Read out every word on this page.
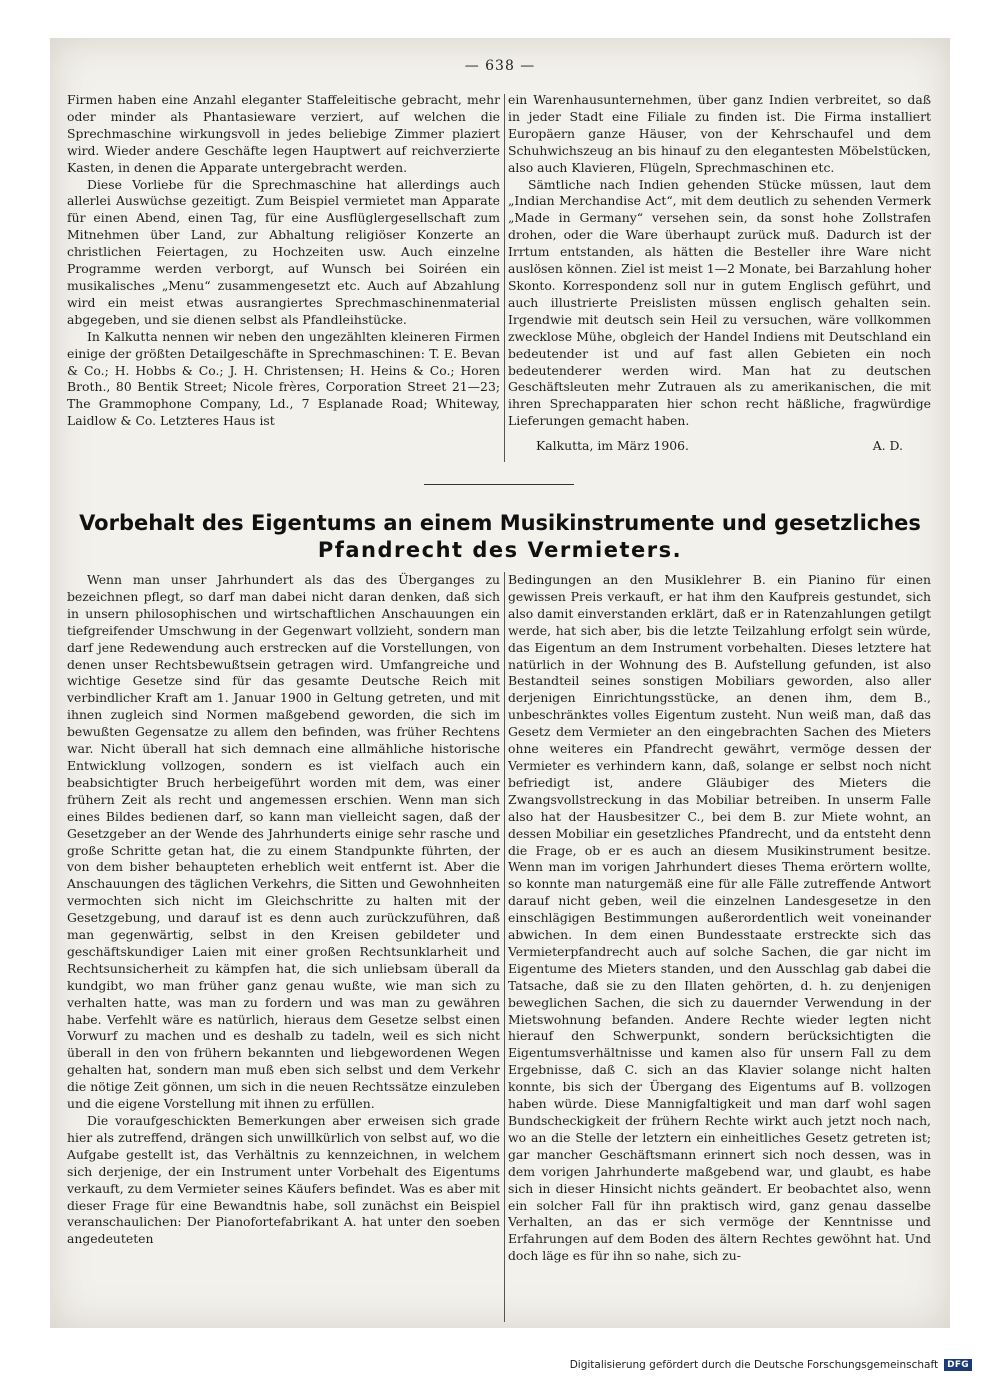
— 638 —

Firmen haben eine Anzahl eleganter Staffeleitische gebracht, mehr oder minder als Phantasieware verziert, auf welchen die Sprechmaschine wirkungsvoll in jedes beliebige Zimmer plaziert wird. Wieder andere Geschäfte legen Hauptwert auf reichverzierte Kasten, in denen die Apparate untergebracht werden.

Diese Vorliebe für die Sprechmaschine hat allerdings auch allerlei Auswüchse gezeitigt. Zum Beispiel vermietet man Apparate für einen Abend, einen Tag, für eine Ausflüglergesellschaft zum Mitnehmen über Land, zur Abhaltung religiöser Konzerte an christlichen Feiertagen, zu Hochzeiten usw. Auch einzelne Programme werden verborgt, auf Wunsch bei Soiréen ein musikalisches „Menu“ zusammengesetzt etc. Auch auf Abzahlung wird ein meist etwas ausrangiertes Sprechmaschinenmaterial abgegeben, und sie dienen selbst als Pfandleihstücke.

In Kalkutta nennen wir neben den ungezählten kleineren Firmen einige der größten Detailgeschäfte in Sprechmaschinen: T. E. Bevan & Co.; H. Hobbs & Co.; J. H. Christensen; H. Heins & Co.; Horen Broth., 80 Bentik Street; Nicole frères, Corporation Street 21—23; The Grammophone Company, Ld., 7 Esplanade Road; Whiteway, Laidlow & Co. Letzteres Haus ist

ein Warenhausunternehmen, über ganz Indien verbreitet, so daß in jeder Stadt eine Filiale zu finden ist. Die Firma installiert Europäern ganze Häuser, von der Kehrschaufel und dem Schuhwichszeug an bis hinauf zu den elegantesten Möbelstücken, also auch Klavieren, Flügeln, Sprechmaschinen etc.

Sämtliche nach Indien gehenden Stücke müssen, laut dem „Indian Merchandise Act“, mit dem deutlich zu sehenden Vermerk „Made in Germany“ versehen sein, da sonst hohe Zollstrafen drohen, oder die Ware überhaupt zurück muß. Dadurch ist der Irrtum entstanden, als hätten die Besteller ihre Ware nicht auslösen können. Ziel ist meist 1—2 Monate, bei Barzahlung hoher Skonto. Korrespondenz soll nur in gutem Englisch geführt, und auch illustrierte Preislisten müssen englisch gehalten sein. Irgendwie mit deutsch sein Heil zu versuchen, wäre vollkommen zwecklose Mühe, obgleich der Handel Indiens mit Deutschland ein bedeutender ist und auf fast allen Gebieten ein noch bedeutenderer werden wird. Man hat zu deutschen Geschäftsleuten mehr Zutrauen als zu amerikanischen, die mit ihren Sprechapparaten hier schon recht häßliche, fragwürdige Lieferungen gemacht haben.

Kalkutta, im März 1906.	A. D.
Vorbehalt des Eigentums an einem Musikinstrumente und gesetzliches
Pfandrecht des Vermieters.

Wenn man unser Jahrhundert als das des Überganges zu bezeichnen pflegt, so darf man dabei nicht daran denken, daß sich in unsern philosophischen und wirtschaftlichen Anschauungen ein tiefgreifender Umschwung in der Gegenwart vollzieht, sondern man darf jene Redewendung auch erstrecken auf die Vorstellungen, von denen unser Rechtsbewußtsein getragen wird. Umfangreiche und wichtige Gesetze sind für das gesamte Deutsche Reich mit verbindlicher Kraft am 1. Januar 1900 in Geltung getreten, und mit ihnen zugleich sind Normen maßgebend geworden, die sich im bewußten Gegensatze zu allem den befinden, was früher Rechtens war. Nicht überall hat sich demnach eine allmähliche historische Entwicklung vollzogen, sondern es ist vielfach auch ein beabsichtigter Bruch herbeigeführt worden mit dem, was einer frühern Zeit als recht und angemessen erschien. Wenn man sich eines Bildes bedienen darf, so kann man vielleicht sagen, daß der Gesetzgeber an der Wende des Jahrhunderts einige sehr rasche und große Schritte getan hat, die zu einem Standpunkte führten, der von dem bisher behaupteten erheblich weit entfernt ist. Aber die Anschauungen des täglichen Verkehrs, die Sitten und Gewohnheiten vermochten sich nicht im Gleichschritte zu halten mit der Gesetzgebung, und darauf ist es denn auch zurückzuführen, daß man gegenwärtig, selbst in den Kreisen gebildeter und geschäftskundiger Laien mit einer großen Rechtsunklarheit und Rechtsunsicherheit zu kämpfen hat, die sich unliebsam überall da kundgibt, wo man früher ganz genau wußte, wie man sich zu verhalten hatte, was man zu fordern und was man zu gewähren habe. Verfehlt wäre es natürlich, hieraus dem Gesetze selbst einen Vorwurf zu machen und es deshalb zu tadeln, weil es sich nicht überall in den von frühern bekannten und liebgewordenen Wegen gehalten hat, sondern man muß eben sich selbst und dem Verkehr die nötige Zeit gönnen, um sich in die neuen Rechtssätze einzuleben und die eigene Vorstellung mit ihnen zu erfüllen.

Die voraufgeschickten Bemerkungen aber erweisen sich grade hier als zutreffend, drängen sich unwillkürlich von selbst auf, wo die Aufgabe gestellt ist, das Verhältnis zu kennzeichnen, in welchem sich derjenige, der ein Instrument unter Vorbehalt des Eigentums verkauft, zu dem Vermieter seines Käufers befindet. Was es aber mit dieser Frage für eine Bewandtnis habe, soll zunächst ein Beispiel veranschaulichen: Der Pianofortefabrikant A. hat unter den soeben angedeuteten

Bedingungen an den Musiklehrer B. ein Pianino für einen gewissen Preis verkauft, er hat ihm den Kaufpreis gestundet, sich also damit einverstanden erklärt, daß er in Ratenzahlungen getilgt werde, hat sich aber, bis die letzte Teilzahlung erfolgt sein würde, das Eigentum an dem Instrument vorbehalten. Dieses letztere hat natürlich in der Wohnung des B. Aufstellung gefunden, ist also Bestandteil seines sonstigen Mobiliars geworden, also aller derjenigen Einrichtungsstücke, an denen ihm, dem B., unbeschränktes volles Eigentum zusteht. Nun weiß man, daß das Gesetz dem Vermieter an den eingebrachten Sachen des Mieters ohne weiteres ein Pfandrecht gewährt, vermöge dessen der Vermieter es verhindern kann, daß, solange er selbst noch nicht befriedigt ist, andere Gläubiger des Mieters die Zwangsvollstreckung in das Mobiliar betreiben. In unserm Falle also hat der Hausbesitzer C., bei dem B. zur Miete wohnt, an dessen Mobiliar ein gesetzliches Pfandrecht, und da entsteht denn die Frage, ob er es auch an diesem Musikinstrument besitze. Wenn man im vorigen Jahrhundert dieses Thema erörtern wollte, so konnte man naturgemäß eine für alle Fälle zutreffende Antwort darauf nicht geben, weil die einzelnen Landesgesetze in den einschlägigen Bestimmungen außerordentlich weit voneinander abwichen. In dem einen Bundesstaate erstreckte sich das Vermieterpfandrecht auch auf solche Sachen, die gar nicht im Eigentume des Mieters standen, und den Ausschlag gab dabei die Tatsache, daß sie zu den Illaten gehörten, d. h. zu denjenigen beweglichen Sachen, die sich zu dauernder Verwendung in der Mietswohnung befanden. Andere Rechte wieder legten nicht hierauf den Schwerpunkt, sondern berücksichtigten die Eigentumsverhältnisse und kamen also für unsern Fall zu dem Ergebnisse, daß C. sich an das Klavier solange nicht halten konnte, bis sich der Übergang des Eigentums auf B. vollzogen haben würde. Diese Mannigfaltigkeit und man darf wohl sagen Bundscheckigkeit der frühern Rechte wirkt auch jetzt noch nach, wo an die Stelle der letztern ein einheitliches Gesetz getreten ist; gar mancher Geschäftsmann erinnert sich noch dessen, was in dem vorigen Jahrhunderte maßgebend war, und glaubt, es habe sich in dieser Hinsicht nichts geändert. Er beobachtet also, wenn ein solcher Fall für ihn praktisch wird, ganz genau dasselbe Verhalten, an das er sich vermöge der Kenntnisse und Erfahrungen auf dem Boden des ältern Rechtes gewöhnt hat. Und doch läge es für ihn so nahe, sich zu-

Digitalisierung gefördert durch die Deutsche Forschungsgemeinschaft	DFG
